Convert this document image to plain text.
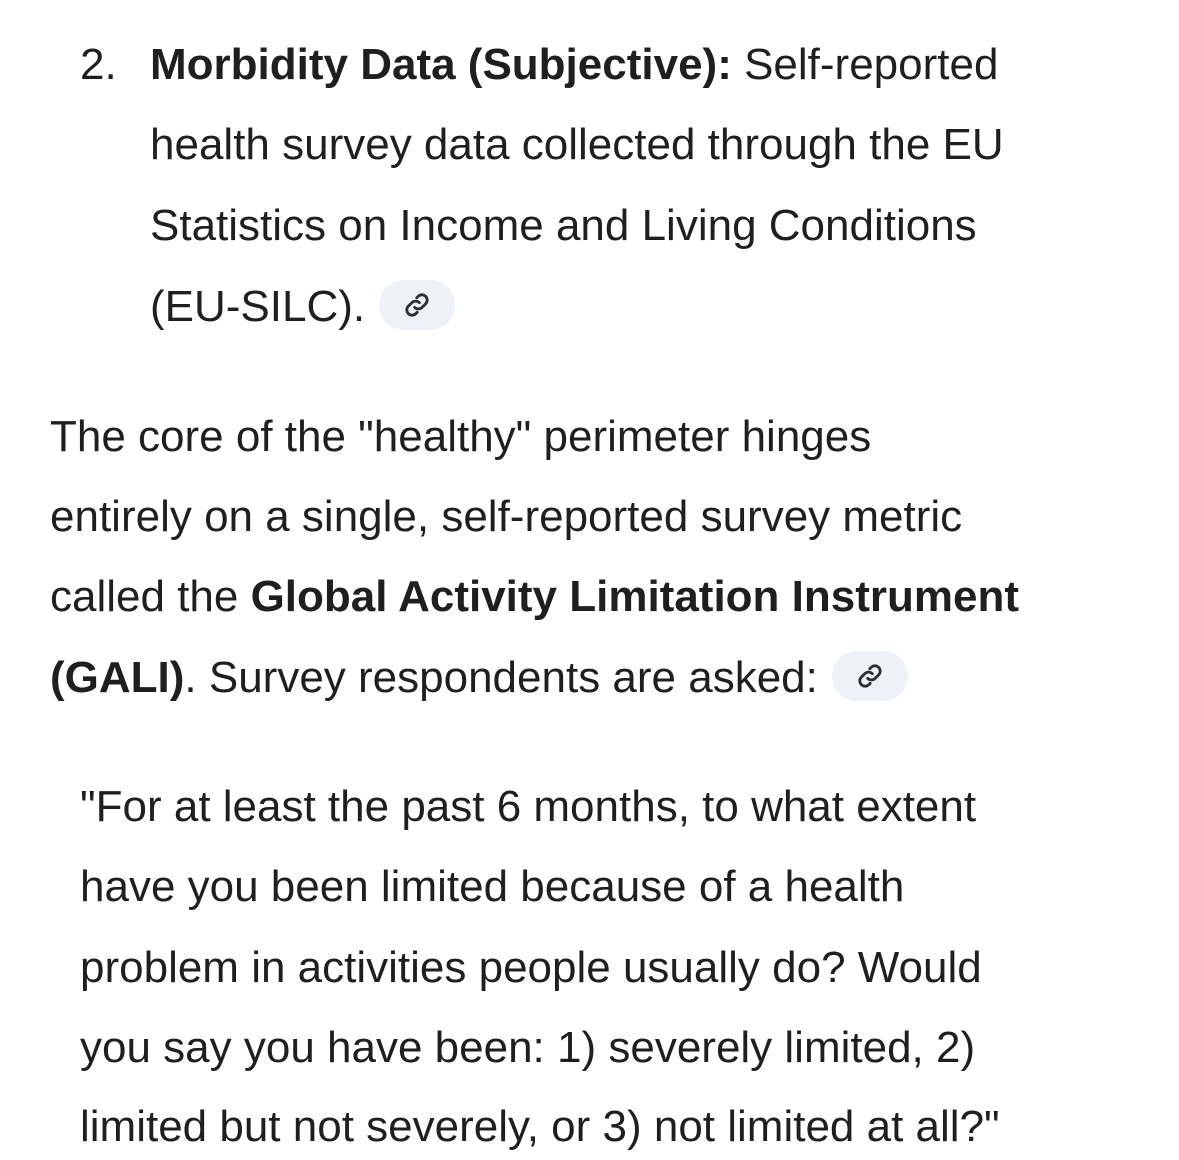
2. Morbidity Data (Subjective): Self-reported
health survey data collected through the EU
Statistics on Income and Living Conditions
(EU-SILC).
The core of the "healthy" perimeter hinges
entirely on a single, self-reported survey metric
called the Global Activity Limitation Instrument
(GALI). Survey respondents are asked:
"For at least the past 6 months, to what extent
have you been limited because of a health
problem in activities people usually do? Would
you say you have been: 1) severely limited, 2)
limited but not severely, or 3) not limited at all?"
